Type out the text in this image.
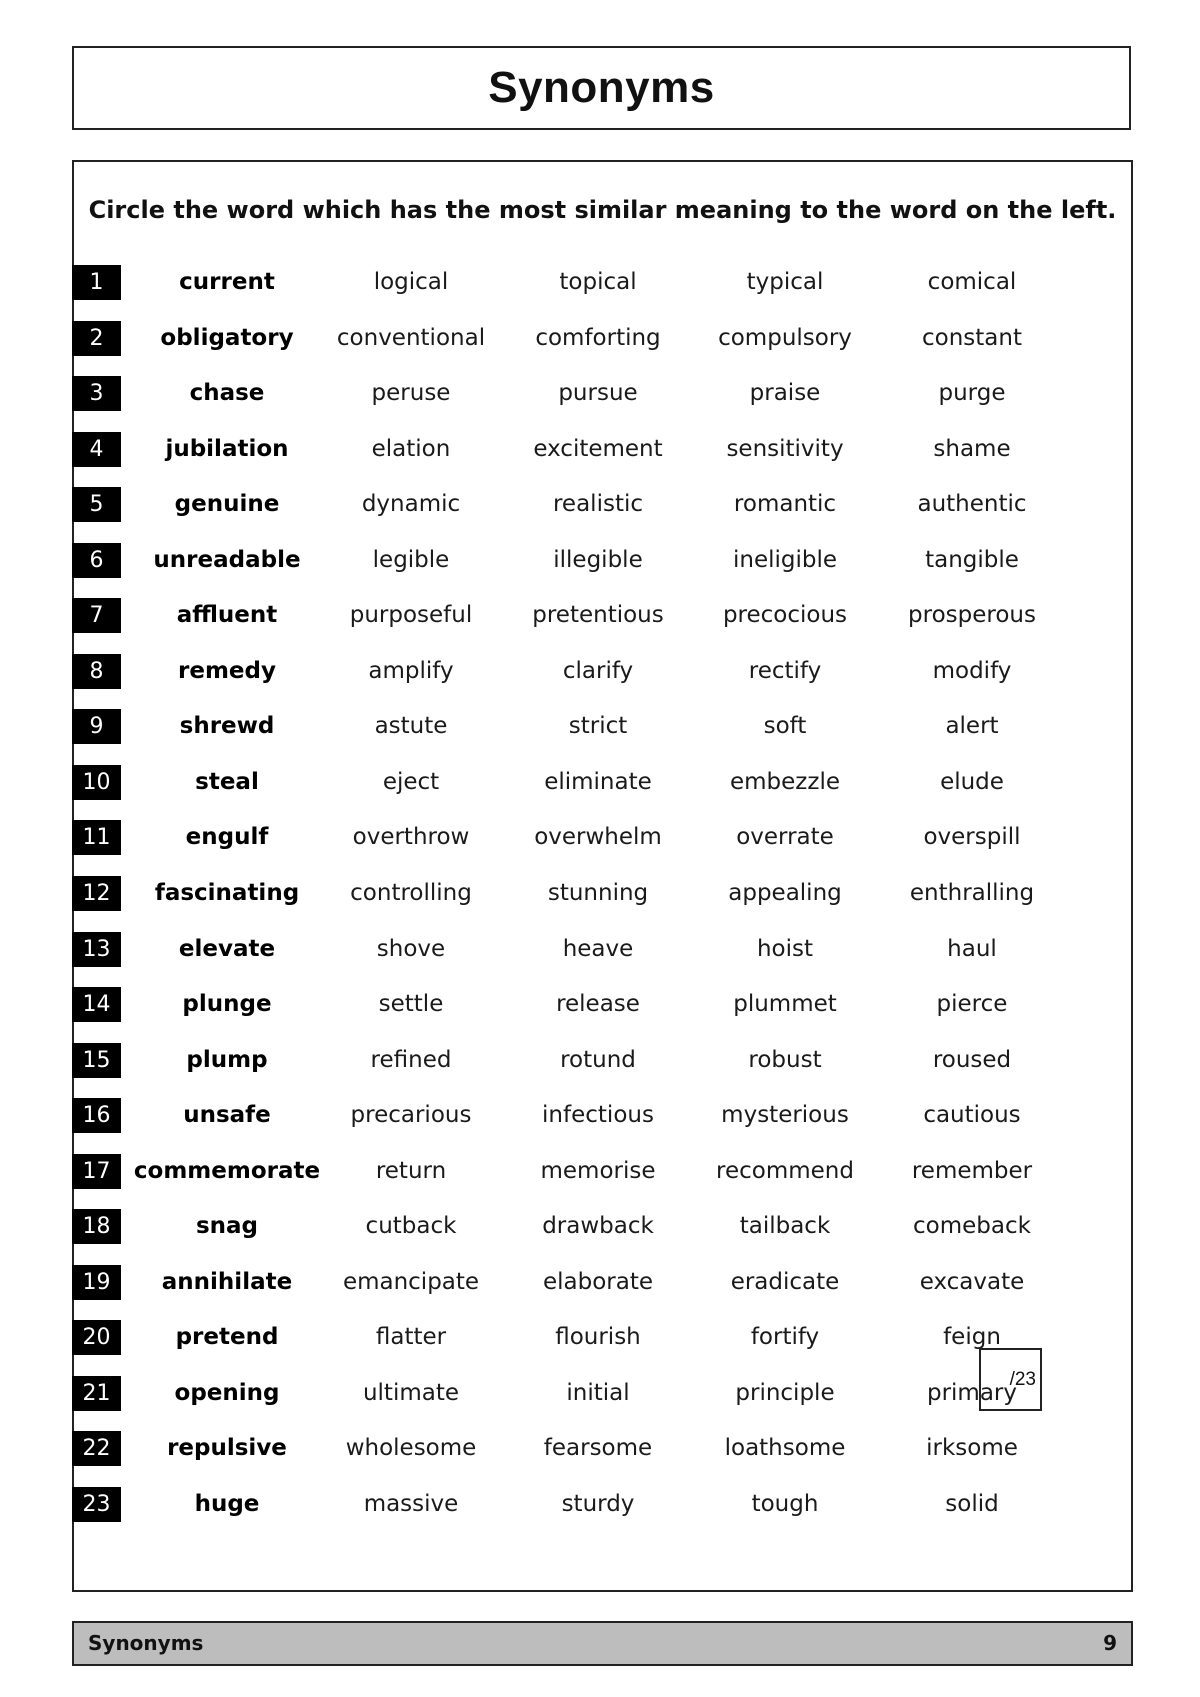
Synonyms
Circle the word which has the most similar meaning to the word on the left.
1	current	logical	topical	typical	comical
2	obligatory	conventional	comforting	compulsory	constant
3	chase	peruse	pursue	praise	purge
4	jubilation	elation	excitement	sensitivity	shame
5	genuine	dynamic	realistic	romantic	authentic
6	unreadable	legible	illegible	ineligible	tangible
7	affluent	purposeful	pretentious	precocious	prosperous
8	remedy	amplify	clarify	rectify	modify
9	shrewd	astute	strict	soft	alert
10	steal	eject	eliminate	embezzle	elude
11	engulf	overthrow	overwhelm	overrate	overspill
12	fascinating	controlling	stunning	appealing	enthralling
13	elevate	shove	heave	hoist	haul
14	plunge	settle	release	plummet	pierce
15	plump	refined	rotund	robust	roused
16	unsafe	precarious	infectious	mysterious	cautious
17	commemorate	return	memorise	recommend	remember
18	snag	cutback	drawback	tailback	comeback
19	annihilate	emancipate	elaborate	eradicate	excavate
20	pretend	flatter	flourish	fortify	feign
21	opening	ultimate	initial	principle	primary
22	repulsive	wholesome	fearsome	loathsome	irksome
23	huge	massive	sturdy	tough	solid
/23
Synonyms	9
